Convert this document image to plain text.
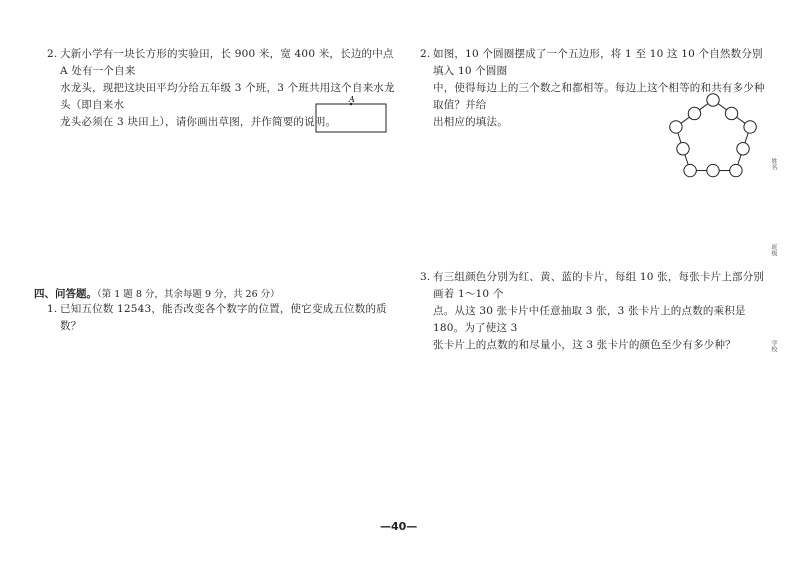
2. 大新小学有一块长方形的实验田，长 900 米，宽 400 米，长边的中点 A 处有一个自来
水龙头，现把这块田平均分给五年级 3 个班，3 个班共用这个自来水龙头（即自来水
龙头必须在 3 块田上），请你画出草图，并作简要的说明。
A
四、问答题。（第 1 题 8 分，其余每题 9 分，共 26 分）
1. 已知五位数 12543，能否改变各个数字的位置，使它变成五位数的质数？
2. 如图，10 个圆圈摆成了一个五边形，将 1 至 10 这 10 个自然数分别填入 10 个圆圈
中，使得每边上的三个数之和都相等。每边上这个相等的和共有多少种取值？并给
出相应的填法。
3. 有三组颜色分别为红、黄、蓝的卡片，每组 10 张，每张卡片上部分别画着 1～10 个
点。从这 30 张卡片中任意抽取 3 张，3 张卡片上的点数的乘积是 180。为了使这 3
张卡片上的点数的和尽量小，这 3 张卡片的颜色至少有多少种？
—40—
姓名
班级
学校
